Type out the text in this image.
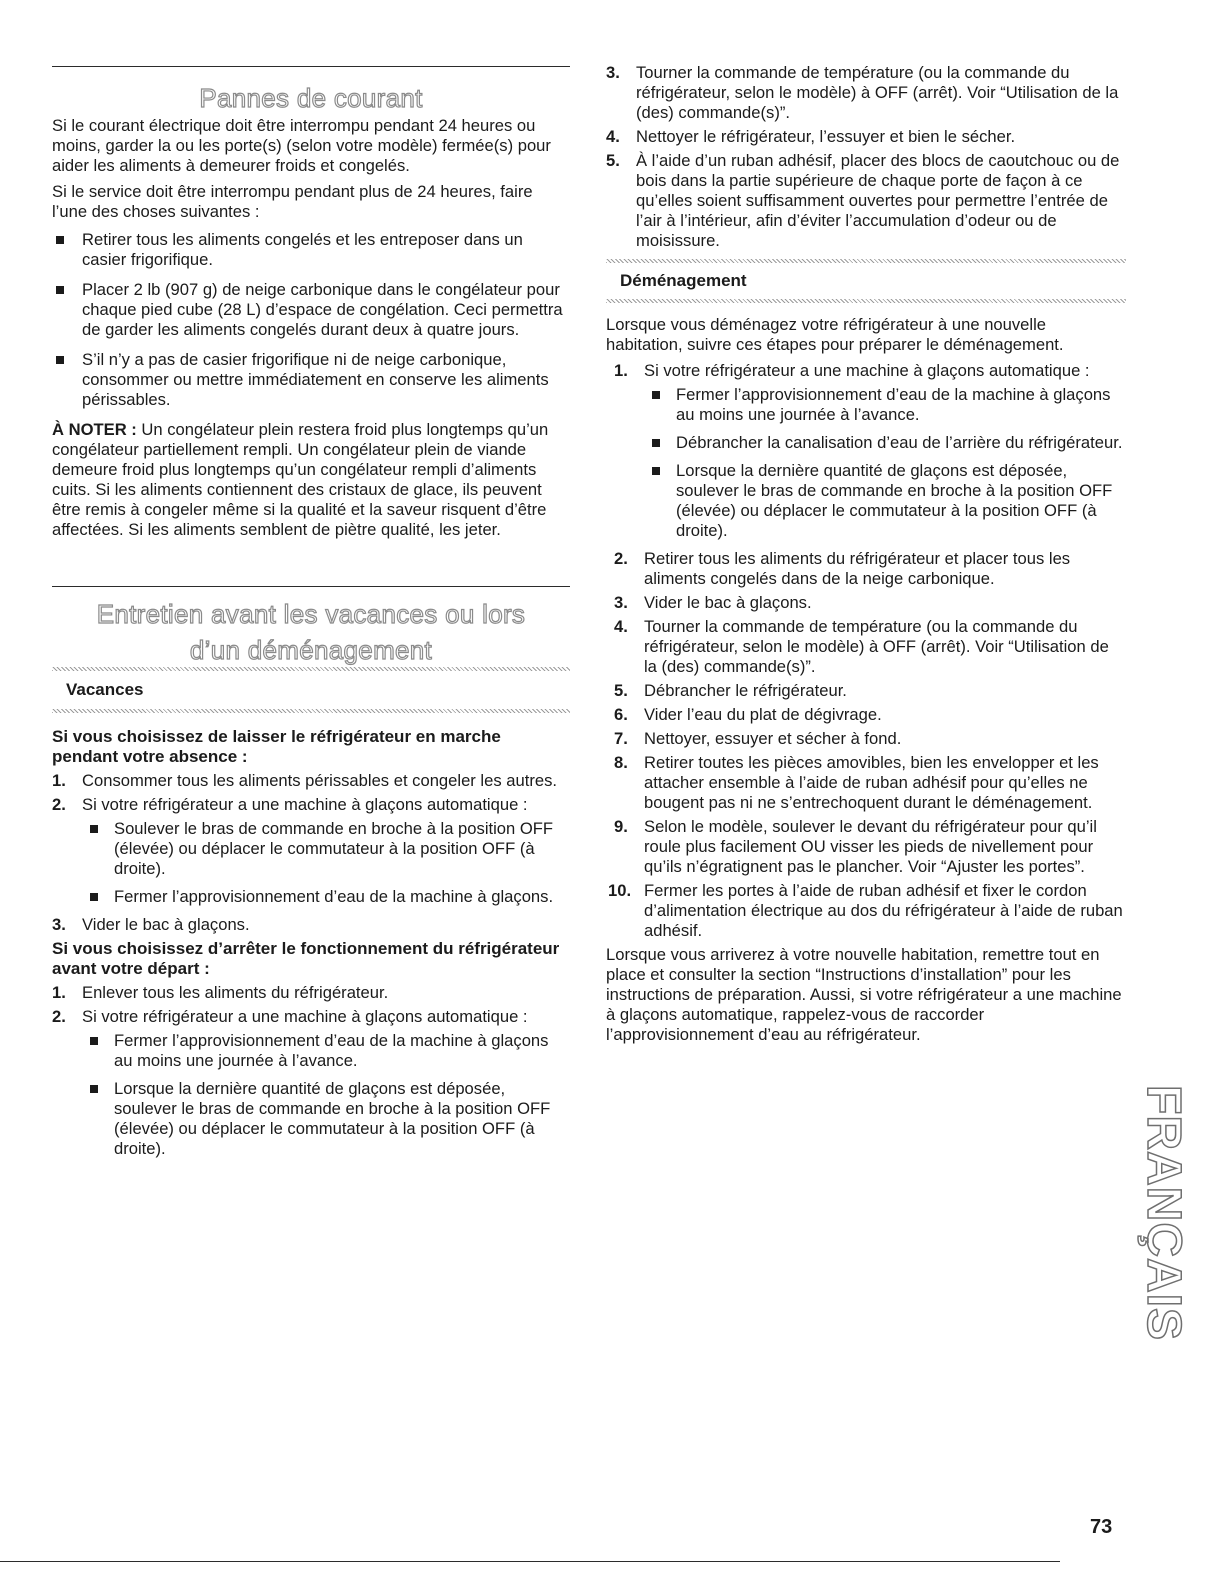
Pannes de courant

Si le courant électrique doit être interrompu pendant 24 heures ou moins, garder la ou les porte(s) (selon votre modèle) fermée(s) pour aider les aliments à demeurer froids et congelés.

Si le service doit être interrompu pendant plus de 24 heures, faire l’une des choses suivantes :

Retirer tous les aliments congelés et les entreposer dans un casier frigorifique.
Placer 2 lb (907 g) de neige carbonique dans le congélateur pour chaque pied cube (28 L) d’espace de congélation. Ceci permettra de garder les aliments congelés durant deux à quatre jours.
S’il n’y a pas de casier frigorifique ni de neige carbonique, consommer ou mettre immédiatement en conserve les aliments périssables.

À NOTER : Un congélateur plein restera froid plus longtemps qu’un congélateur partiellement rempli. Un congélateur plein de viande demeure froid plus longtemps qu’un congélateur rempli d’aliments cuits. Si les aliments contiennent des cristaux de glace, ils peuvent être remis à congeler même si la qualité et la saveur risquent d’être affectées. Si les aliments semblent de piètre qualité, les jeter.

Entretien avant les vacances ou lors
d’un déménagement
Vacances
Si vous choisissez de laisser le réfrigérateur en marche pendant votre absence :
1. Consommer tous les aliments périssables et congeler les autres.
2. Si votre réfrigérateur a une machine à glaçons automatique :
Soulever le bras de commande en broche à la position OFF (élevée) ou déplacer le commutateur à la position OFF (à droite).
Fermer l’approvisionnement d’eau de la machine à glaçons.
3. Vider le bac à glaçons.
Si vous choisissez d’arrêter le fonctionnement du réfrigérateur avant votre départ :
1. Enlever tous les aliments du réfrigérateur.
2. Si votre réfrigérateur a une machine à glaçons automatique :
Fermer l’approvisionnement d’eau de la machine à glaçons au moins une journée à l’avance.
Lorsque la dernière quantité de glaçons est déposée, soulever le bras de commande en broche à la position OFF (élevée) ou déplacer le commutateur à la position OFF (à droite).
3. Tourner la commande de température (ou la commande du réfrigérateur, selon le modèle) à OFF (arrêt). Voir “Utilisation de la (des) commande(s)”.
4. Nettoyer le réfrigérateur, l’essuyer et bien le sécher.
5. À l’aide d’un ruban adhésif, placer des blocs de caoutchouc ou de bois dans la partie supérieure de chaque porte de façon à ce qu’elles soient suffisamment ouvertes pour permettre l’entrée de l’air à l’intérieur, afin d’éviter l’accumulation d’odeur ou de moisissure.
Déménagement

Lorsque vous déménagez votre réfrigérateur à une nouvelle habitation, suivre ces étapes pour préparer le déménagement.

1. Si votre réfrigérateur a une machine à glaçons automatique :
Fermer l’approvisionnement d’eau de la machine à glaçons au moins une journée à l’avance.
Débrancher la canalisation d’eau de l’arrière du réfrigérateur.
Lorsque la dernière quantité de glaçons est déposée, soulever le bras de commande en broche à la position OFF (élevée) ou déplacer le commutateur à la position OFF (à droite).
2. Retirer tous les aliments du réfrigérateur et placer tous les aliments congelés dans de la neige carbonique.
3. Vider le bac à glaçons.
4. Tourner la commande de température (ou la commande du réfrigérateur, selon le modèle) à OFF (arrêt). Voir “Utilisation de la (des) commande(s)”.
5. Débrancher le réfrigérateur.
6. Vider l’eau du plat de dégivrage.
7. Nettoyer, essuyer et sécher à fond.
8. Retirer toutes les pièces amovibles, bien les envelopper et les attacher ensemble à l’aide de ruban adhésif pour qu’elles ne bougent pas ni ne s’entrechoquent durant le déménagement.
9. Selon le modèle, soulever le devant du réfrigérateur pour qu’il roule plus facilement OU visser les pieds de nivellement pour qu’ils n’égratignent pas le plancher. Voir “Ajuster les portes”.
10. Fermer les portes à l’aide de ruban adhésif et fixer le cordon d’alimentation électrique au dos du réfrigérateur à l’aide de ruban adhésif.

Lorsque vous arriverez à votre nouvelle habitation, remettre tout en place et consulter la section “Instructions d’installation” pour les instructions de préparation. Aussi, si votre réfrigérateur a une machine à glaçons automatique, rappelez-vous de raccorder l’approvisionnement d’eau au réfrigérateur.

FRANÇAIS
73
